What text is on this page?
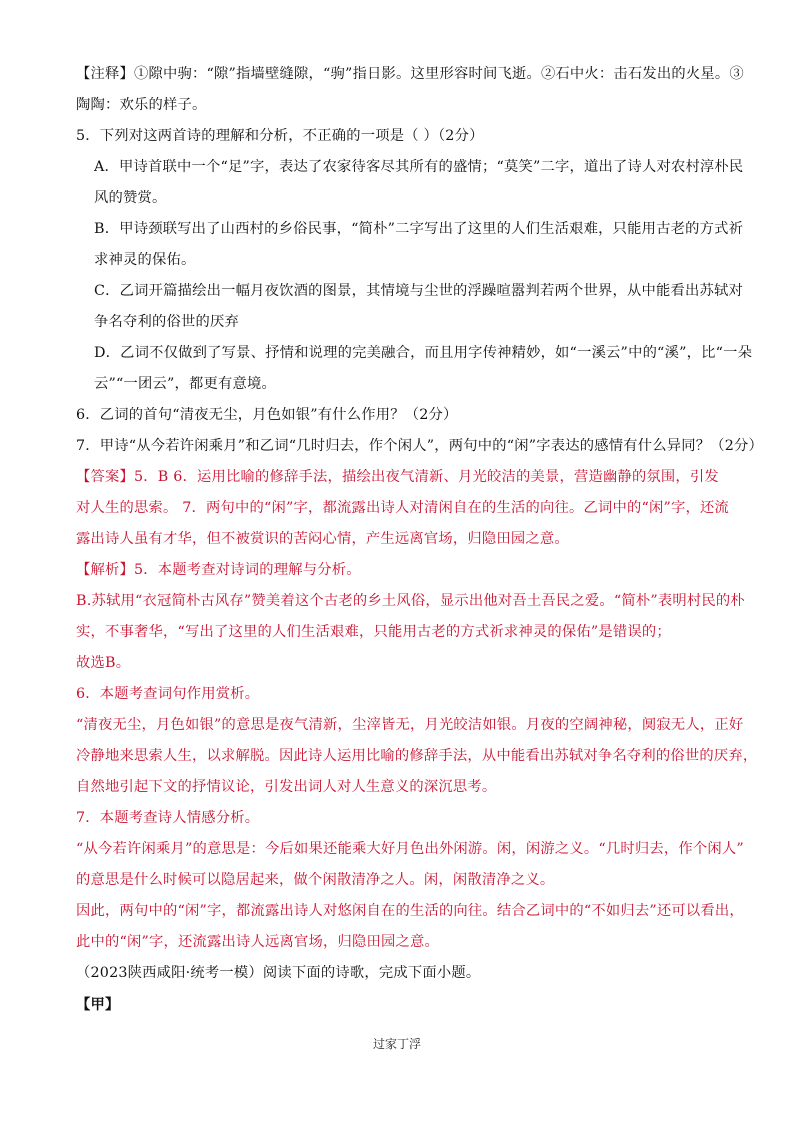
【注释】①隙中驹：“隙”指墙壁缝隙，“驹”指日影。这里形容时间飞逝。②石中火：击石发出的火星。③
陶陶：欢乐的样子。
5．下列对这两首诗的理解和分析，不正确的一项是（ ）（2分）
A．甲诗首联中一个“足”字，表达了农家待客尽其所有的盛情；“莫笑”二字，道出了诗人对农村淳朴民
风的赞赏。
B．甲诗颈联写出了山西村的乡俗民事，“简朴”二字写出了这里的人们生活艰难，只能用古老的方式祈
求神灵的保佑。
C．乙词开篇描绘出一幅月夜饮酒的图景，其情境与尘世的浮躁喧嚣判若两个世界，从中能看出苏轼对
争名夺利的俗世的厌弃
D．乙词不仅做到了写景、抒情和说理的完美融合，而且用字传神精妙，如“一溪云”中的“溪”，比“一朵
云”“一团云”，都更有意境。
6．乙词的首句“清夜无尘，月色如银”有什么作用？（2分）
7．甲诗“从今若许闲乘月”和乙词“几时归去，作个闲人”，两句中的“闲”字表达的感情有什么异同？（2分）
【答案】5．B 6．运用比喻的修辞手法，描绘出夜气清新、月光皎洁的美景，营造幽静的氛围，引发
对人生的思索。 7．两句中的“闲”字，都流露出诗人对清闲自在的生活的向往。乙词中的“闲”字，还流
露出诗人虽有才华，但不被赏识的苦闷心情，产生远离官场，归隐田园之意。
【解析】5．本题考查对诗词的理解与分析。
B.苏轼用“衣冠简朴古风存”赞美着这个古老的乡土风俗，显示出他对吾土吾民之爱。“简朴”表明村民的朴
实，不事奢华，“写出了这里的人们生活艰难，只能用古老的方式祈求神灵的保佑”是错误的；
故选B。
6．本题考查词句作用赏析。
“清夜无尘，月色如银”的意思是夜气清新，尘滓皆无，月光皎洁如银。月夜的空阔神秘，阒寂无人，正好
冷静地来思索人生，以求解脱。因此诗人运用比喻的修辞手法，从中能看出苏轼对争名夺利的俗世的厌弃，
自然地引起下文的抒情议论，引发出词人对人生意义的深沉思考。
7．本题考查诗人情感分析。
“从今若许闲乘月”的意思是：今后如果还能乘大好月色出外闲游。闲，闲游之义。“几时归去，作个闲人”
的意思是什么时候可以隐居起来，做个闲散清净之人。闲，闲散清净之义。
因此，两句中的“闲”字，都流露出诗人对悠闲自在的生活的向往。结合乙词中的“不如归去”还可以看出，
此中的“闲”字，还流露出诗人远离官场，归隐田园之意。
（2023陕西咸阳·统考一模）阅读下面的诗歌，完成下面小题。
【甲】
过家丁浮
